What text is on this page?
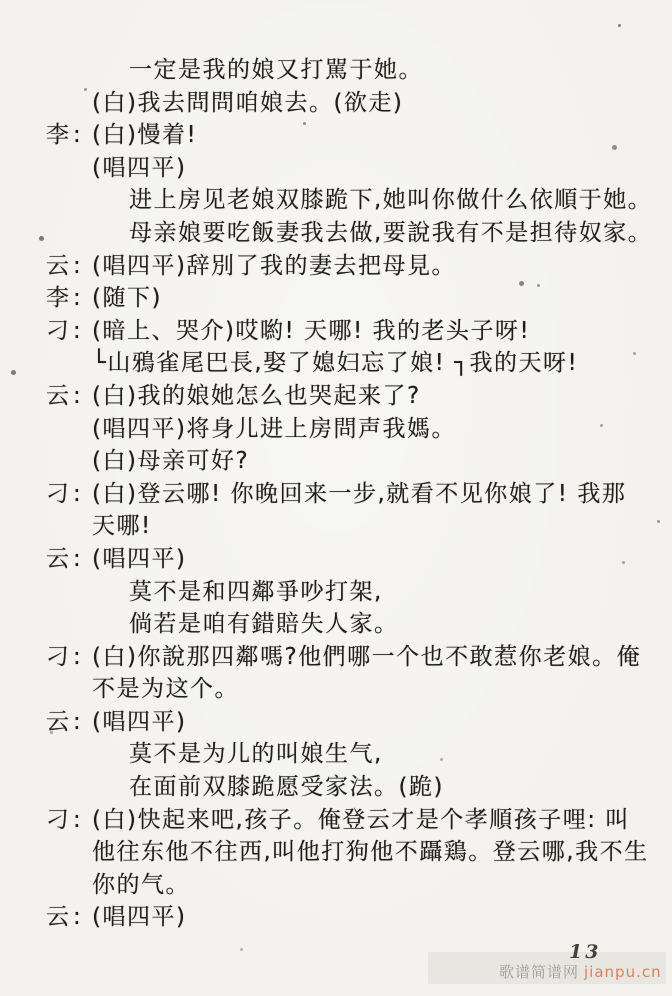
一定是我的娘又打駡于她。
(白)我去問問咱娘去。(欲走)
李: (白)慢着!
(唱四平)
进上房见老娘双膝跪下,她叫你做什么依順于她。
母亲娘要吃飯妻我去做,要說我有不是担待奴家。
云: (唱四平)辞別了我的妻去把母見。
李: (随下)
刁: (暗上、哭介)哎喲! 天哪! 我的老头子呀!
└山鴉雀尾巴長,娶了媳妇忘了娘! ┐我的天呀!
云: (白)我的娘她怎么也哭起来了?
(唱四平)将身儿进上房問声我媽。
(白)母亲可好?
刁: (白)登云哪! 你晚回来一步,就看不见你娘了! 我那
天哪!
云: (唱四平)
莫不是和四鄰爭吵打架,
倘若是咱有錯賠失人家。
刁: (白)你說那四鄰嗎?他們哪一个也不敢惹你老娘。俺
不是为这个。
云: (唱四平)
莫不是为儿的叫娘生气,
在面前双膝跪愿受家法。(跪)
刁: (白)快起来吧,孩子。俺登云才是个孝順孩子哩: 叫
他往东他不往西,叫他打狗他不躡鶏。登云哪,我不生
你的气。
云: (唱四平)
13
歌谱简谱网 jianpu.cn
